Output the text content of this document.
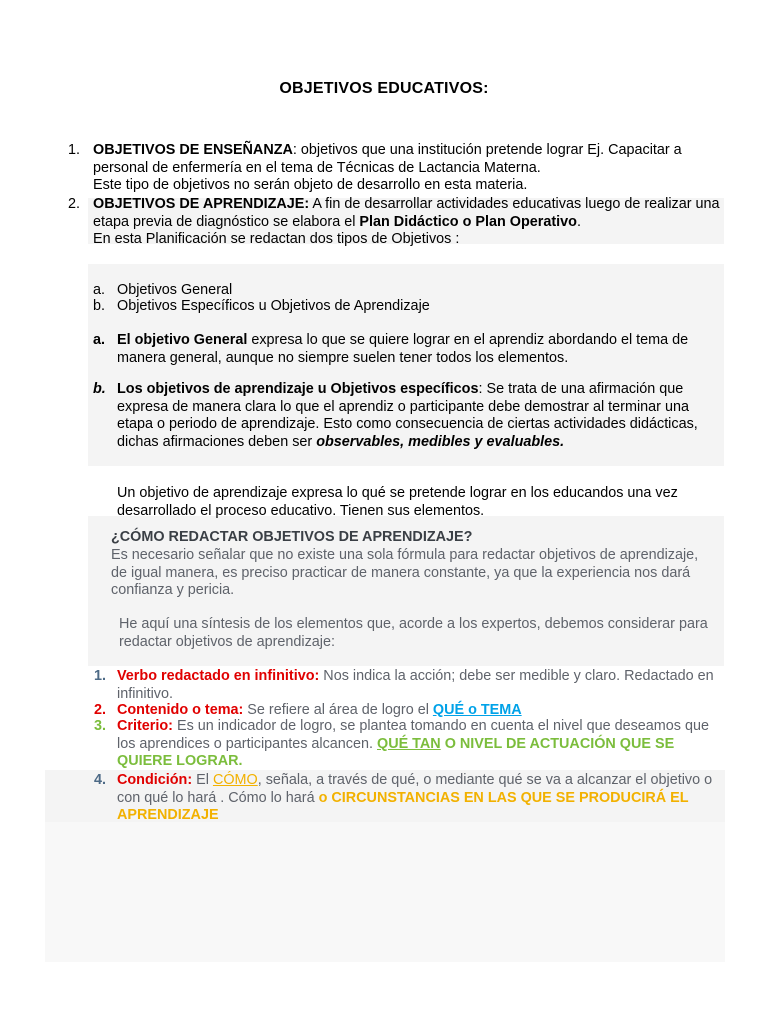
OBJETIVOS EDUCATIVOS:
1. OBJETIVOS DE ENSEÑANZA: objetivos que una institución pretende lograr Ej. Capacitar a personal de enfermería en el tema de Técnicas de Lactancia Materna.
Este tipo de objetivos no serán objeto de desarrollo en esta materia.
2. OBJETIVOS DE APRENDIZAJE: A fin de desarrollar actividades educativas luego de realizar una etapa previa de diagnóstico se elabora el Plan Didáctico o Plan Operativo.
En esta Planificación se redactan dos tipos de Objetivos :
a. Objetivos General
b. Objetivos Específicos u Objetivos de Aprendizaje
a. El objetivo General expresa lo que se quiere lograr en el aprendiz abordando el tema de manera general, aunque no siempre suelen tener todos los elementos.
b. Los objetivos de aprendizaje u Objetivos específicos: Se trata de una afirmación que expresa de manera clara lo que el aprendiz o participante debe demostrar al terminar una etapa o periodo de aprendizaje. Esto como consecuencia de ciertas actividades didácticas, dichas afirmaciones deben ser observables, medibles y evaluables.
Un objetivo de aprendizaje expresa lo qué se pretende lograr en los educandos una vez desarrollado el proceso educativo. Tienen sus elementos.
¿CÓMO REDACTAR OBJETIVOS DE APRENDIZAJE?
Es necesario señalar que no existe una sola fórmula para redactar objetivos de aprendizaje, de igual manera, es preciso practicar de manera constante, ya que la experiencia nos dará confianza y pericia.
He aquí una síntesis de los elementos que, acorde a los expertos, debemos considerar para redactar objetivos de aprendizaje:
1. Verbo redactado en infinitivo: Nos indica la acción; debe ser medible y claro. Redactado en infinitivo.
2. Contenido o tema: Se refiere al área de logro el QUÉ o TEMA
3. Criterio: Es un indicador de logro, se plantea tomando en cuenta el nivel que deseamos que los aprendices o participantes alcancen. QUÉ TAN O NIVEL DE ACTUACIÓN QUE SE QUIERE LOGRAR.
4. Condición: El CÓMO, señala, a través de qué, o mediante qué se va a alcanzar el objetivo o con qué lo hará . Cómo lo hará o CIRCUNSTANCIAS EN LAS QUE SE PRODUCIRÁ EL APRENDIZAJE
